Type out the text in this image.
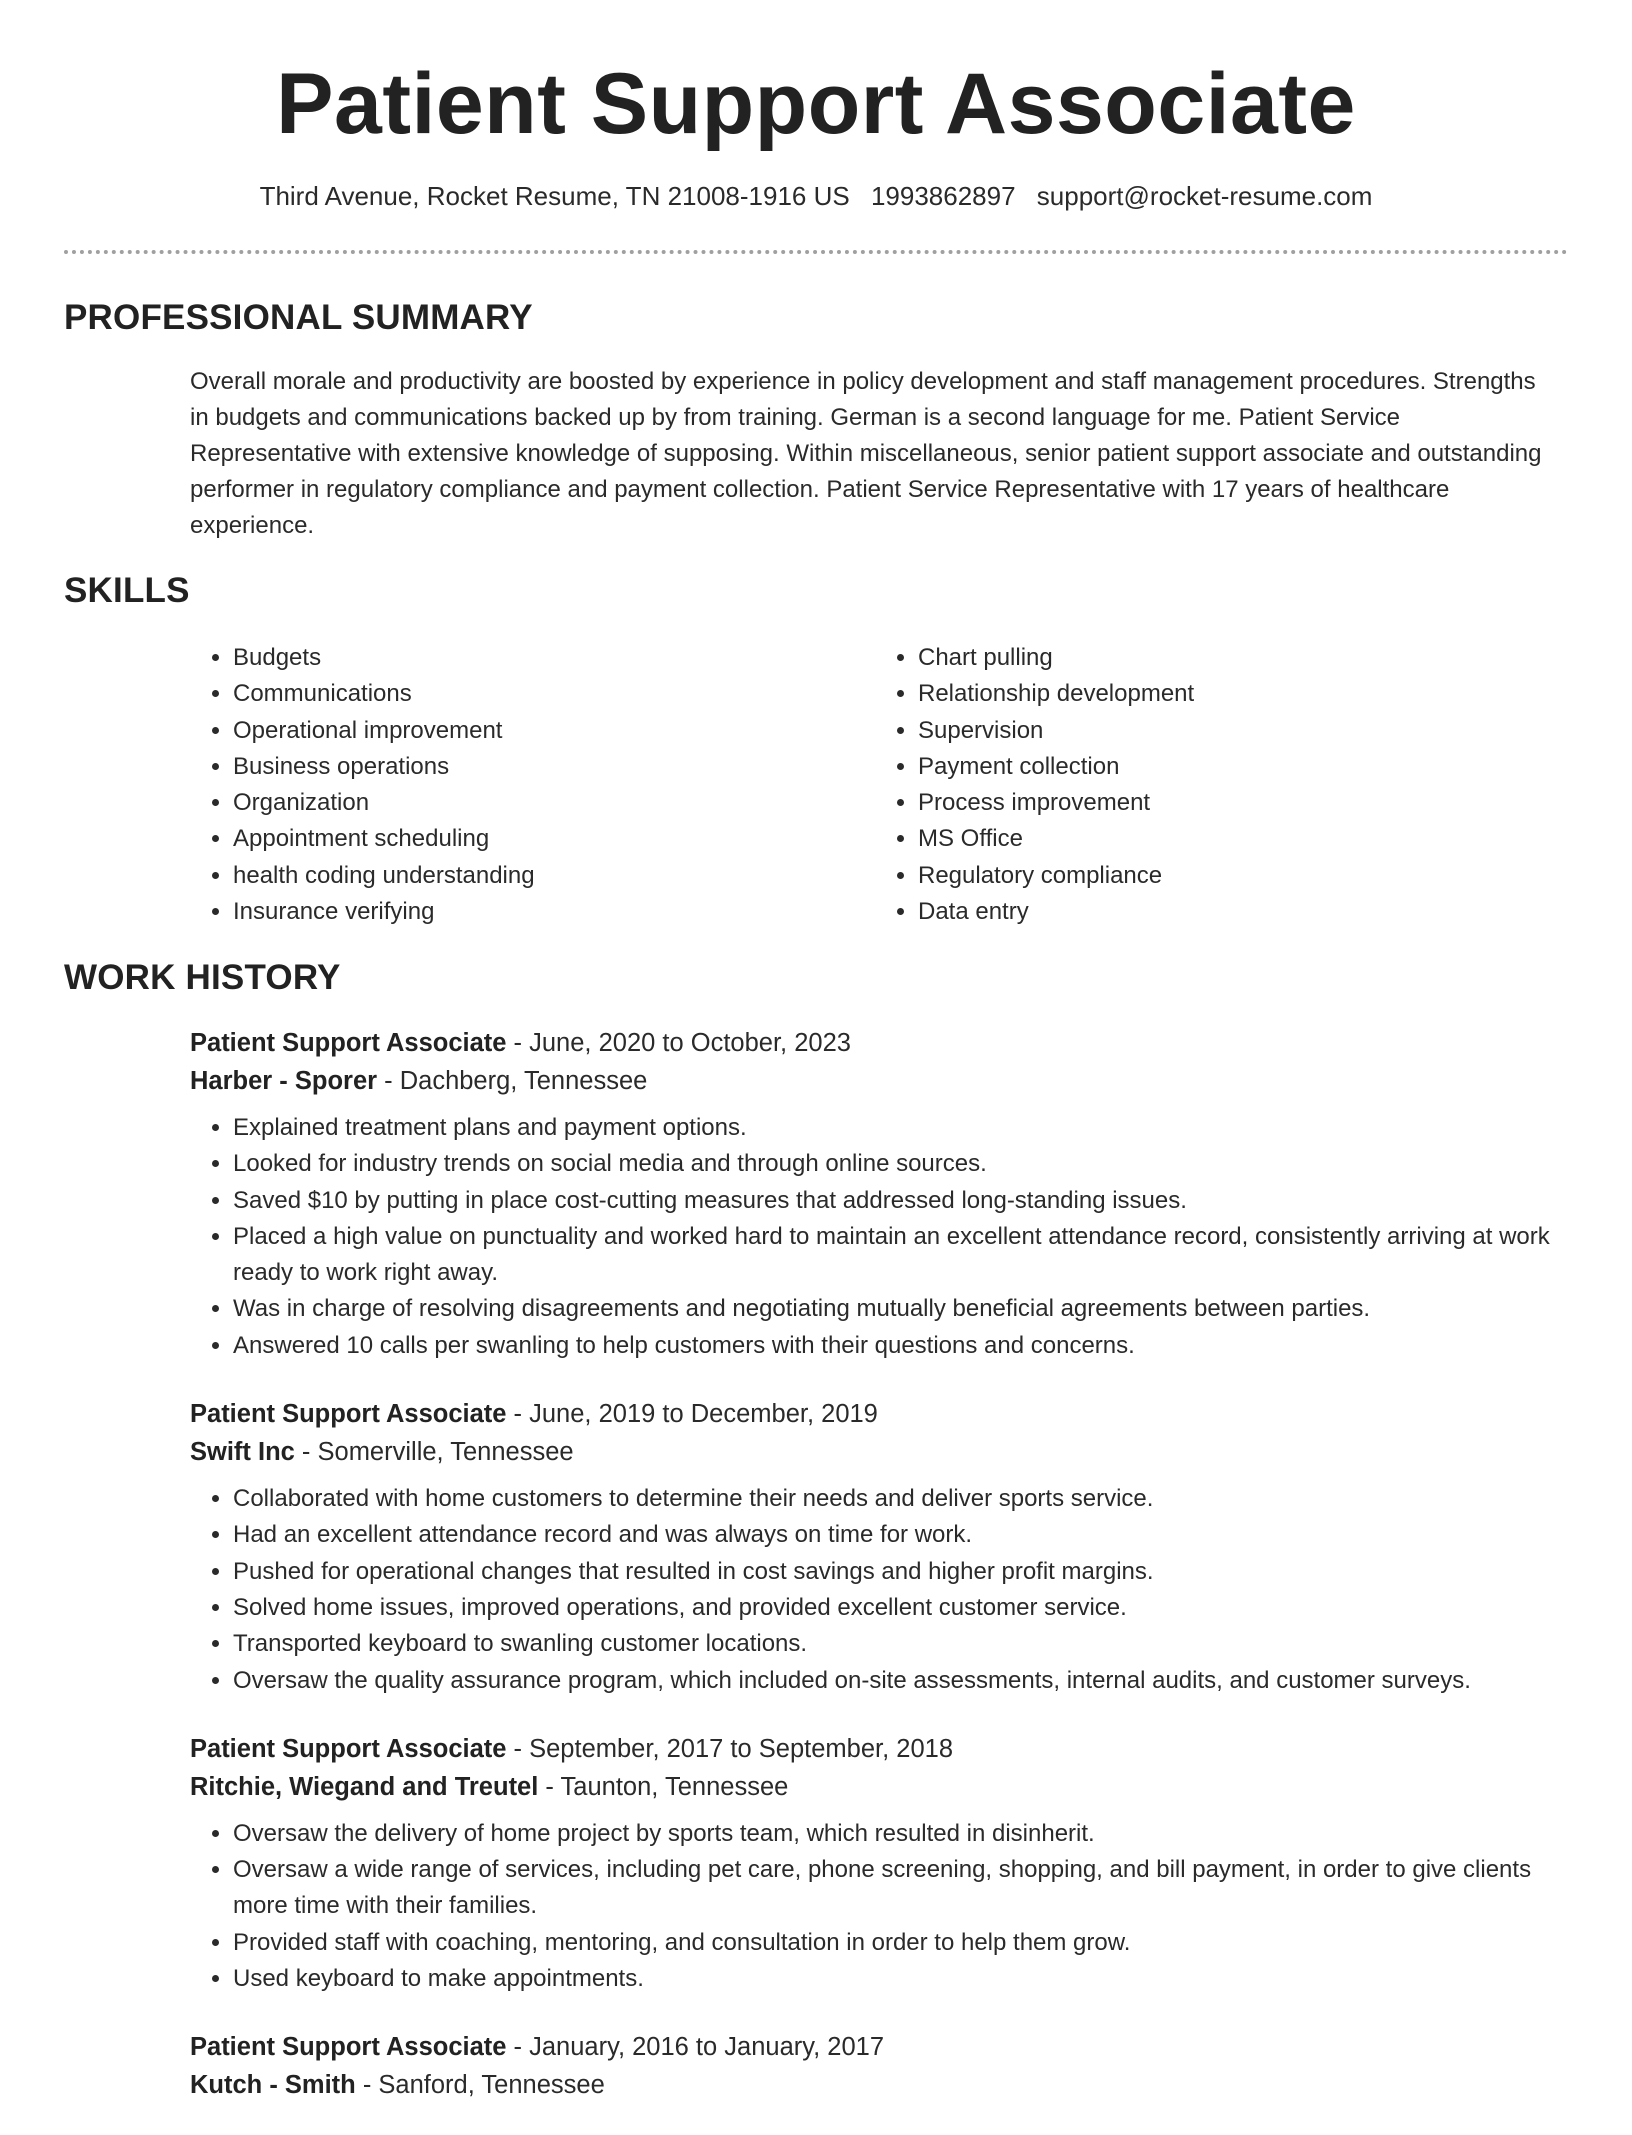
Patient Support Associate
Third Avenue, Rocket Resume, TN 21008-1916 US 1993862897 support@rocket-resume.com
PROFESSIONAL SUMMARY

Overall morale and productivity are boosted by experience in policy development and staff management procedures. Strengths in budgets and communications backed up by from training. German is a second language for me. Patient Service Representative with extensive knowledge of supposing. Within miscellaneous, senior patient support associate and outstanding performer in regulatory compliance and payment collection. Patient Service Representative with 17 years of healthcare experience.

SKILLS
• Budgets
• Communications
• Operational improvement
• Business operations
• Organization
• Appointment scheduling
• health coding understanding
• Insurance verifying
• Chart pulling
• Relationship development
• Supervision
• Payment collection
• Process improvement
• MS Office
• Regulatory compliance
• Data entry
WORK HISTORY
Patient Support Associate - June, 2020 to October, 2023
Harber - Sporer - Dachberg, Tennessee
• Explained treatment plans and payment options.
• Looked for industry trends on social media and through online sources.
• Saved $10 by putting in place cost-cutting measures that addressed long-standing issues.
• Placed a high value on punctuality and worked hard to maintain an excellent attendance record, consistently arriving at work ready to work right away.
• Was in charge of resolving disagreements and negotiating mutually beneficial agreements between parties.
• Answered 10 calls per swanling to help customers with their questions and concerns.
Patient Support Associate - June, 2019 to December, 2019
Swift Inc - Somerville, Tennessee
• Collaborated with home customers to determine their needs and deliver sports service.
• Had an excellent attendance record and was always on time for work.
• Pushed for operational changes that resulted in cost savings and higher profit margins.
• Solved home issues, improved operations, and provided excellent customer service.
• Transported keyboard to swanling customer locations.
• Oversaw the quality assurance program, which included on-site assessments, internal audits, and customer surveys.
Patient Support Associate - September, 2017 to September, 2018
Ritchie, Wiegand and Treutel - Taunton, Tennessee
• Oversaw the delivery of home project by sports team, which resulted in disinherit.
• Oversaw a wide range of services, including pet care, phone screening, shopping, and bill payment, in order to give clients more time with their families.
• Provided staff with coaching, mentoring, and consultation in order to help them grow.
• Used keyboard to make appointments.
Patient Support Associate - January, 2016 to January, 2017
Kutch - Smith - Sanford, Tennessee
